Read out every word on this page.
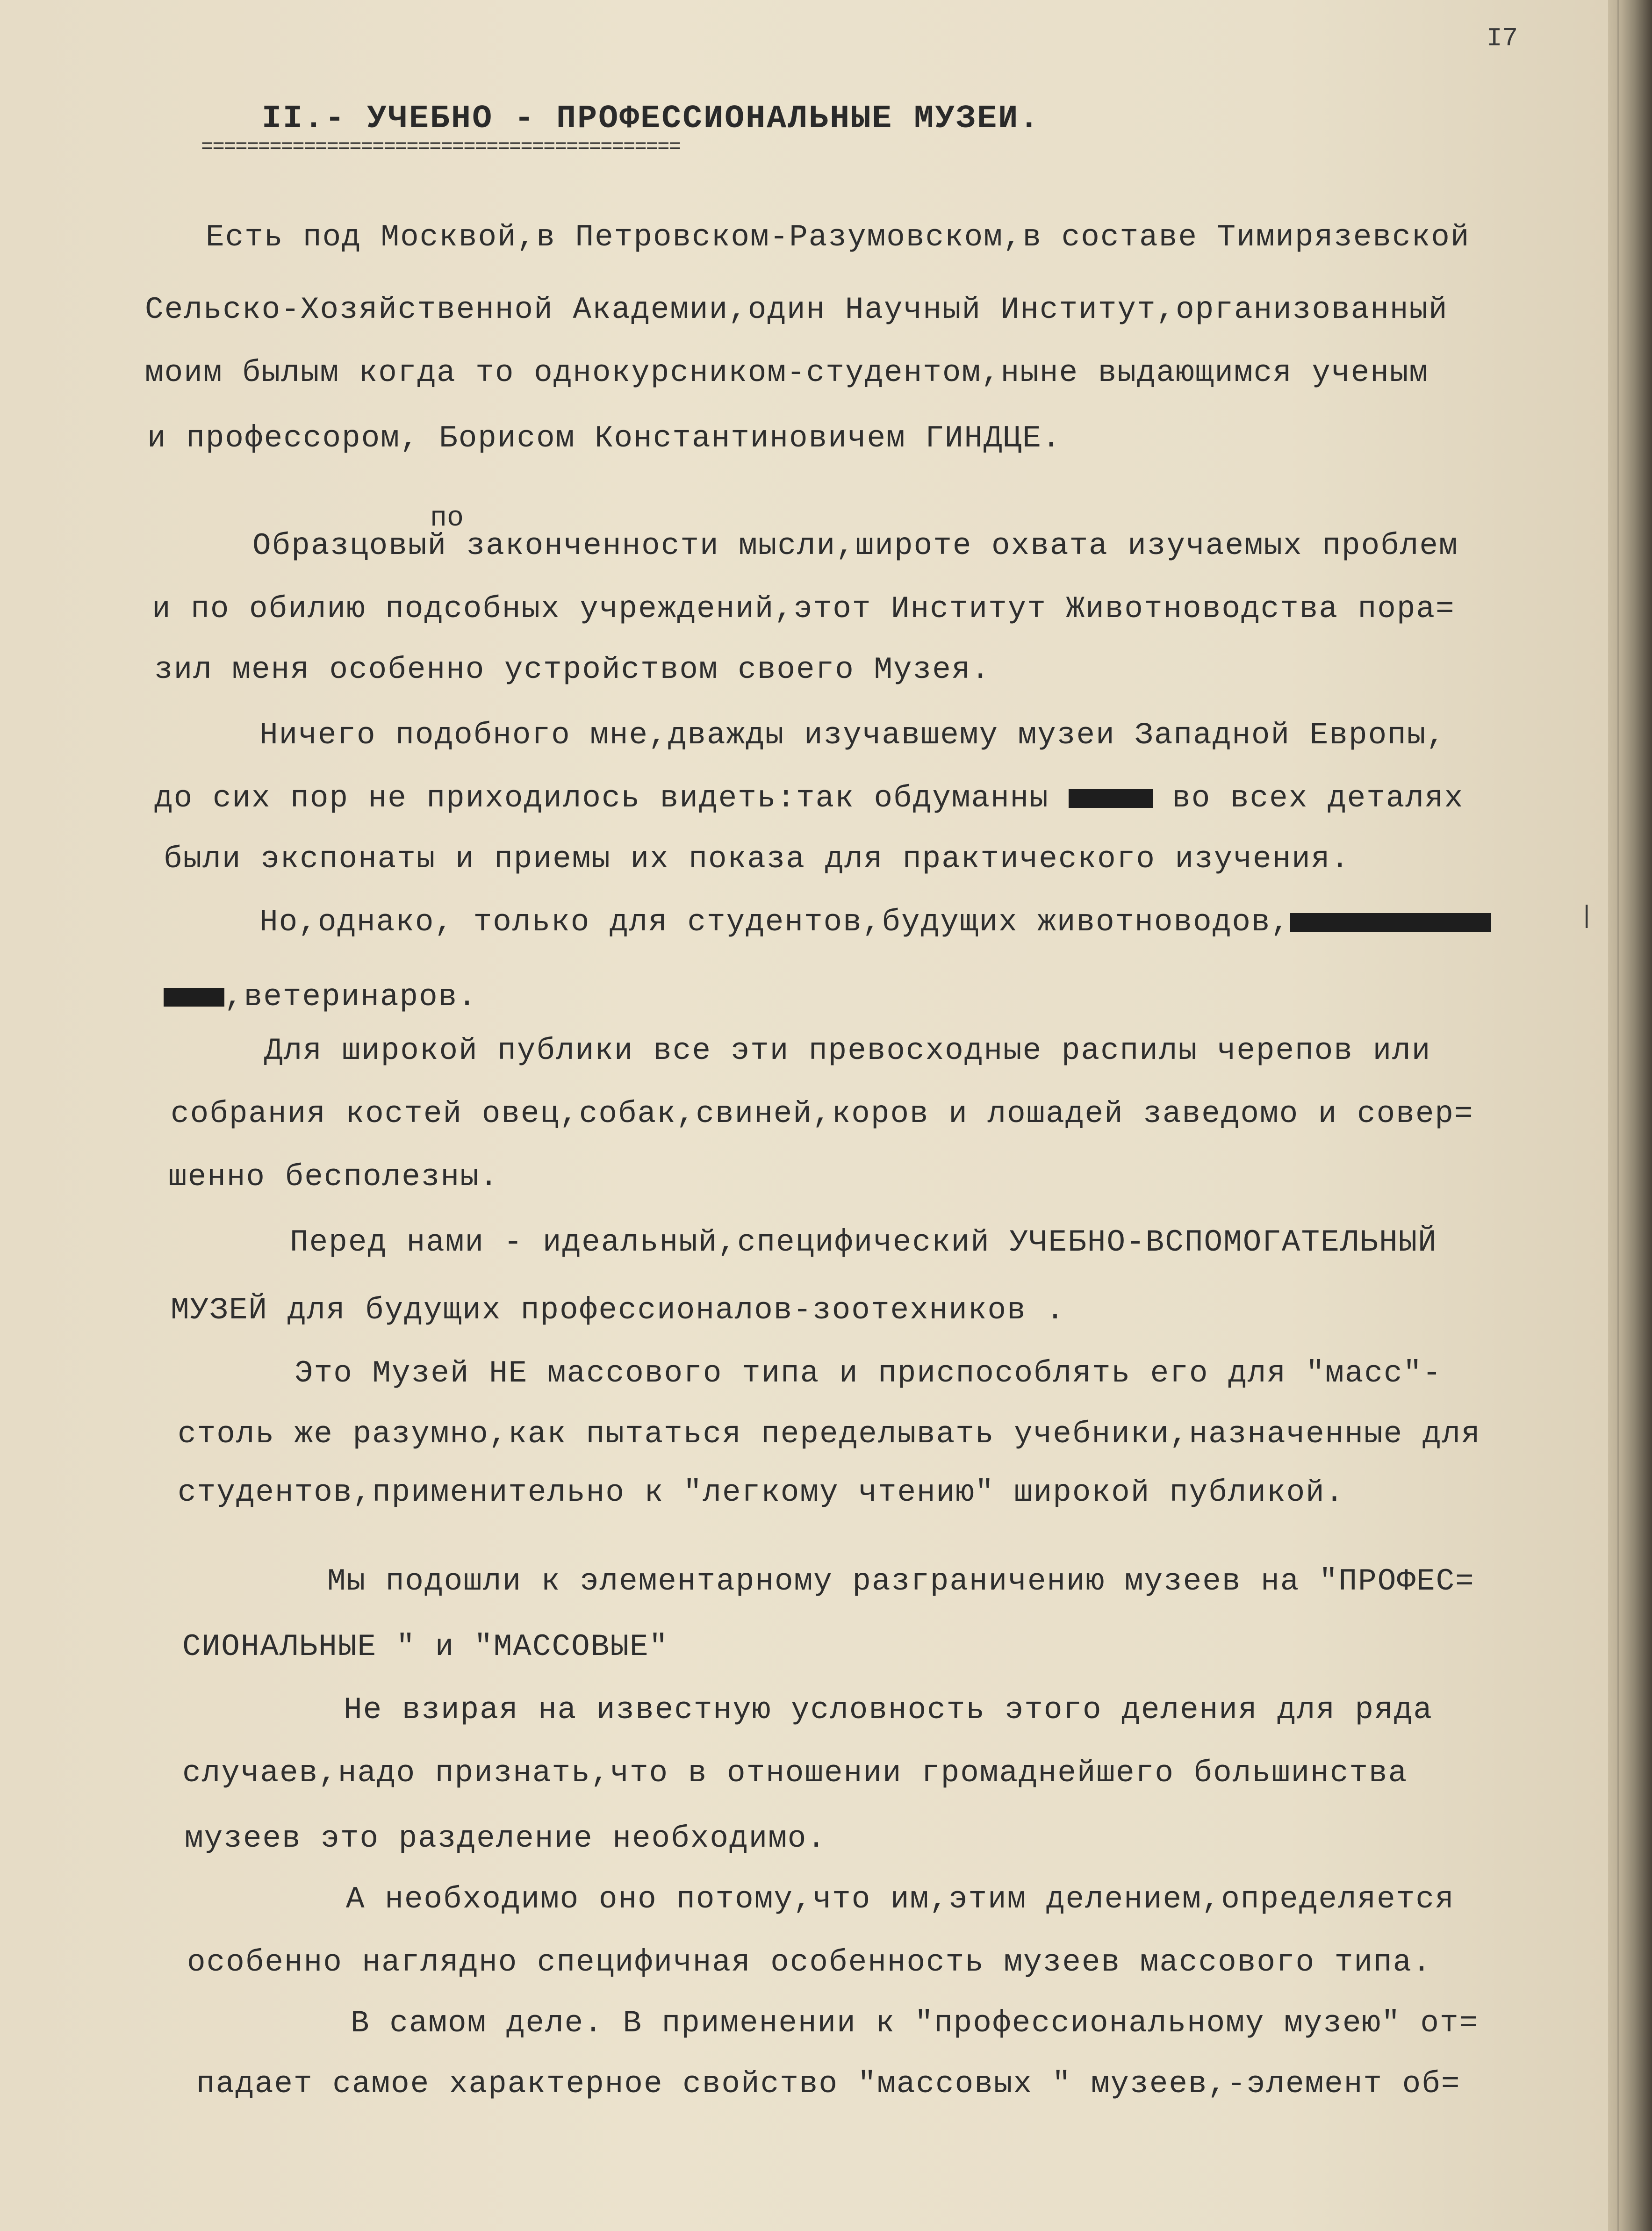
I7
II.- УЧЕБНО - ПРОФЕССИОНАЛЬНЫЕ МУЗЕИ.
==========================================
Есть под Москвой,в Петровском-Разумовском,в составе Тимирязевской
Сельско-Хозяйственной Академии,один Научный Институт,организованный
моим былым когда то однокурсником-студентом,ныне выдающимся ученым
и профессором, Борисом Константиновичем ГИНДЦЕ.
по
Образцовый законченности мысли,широте охвата изучаемых проблем
и по обилию подсобных учреждений,этот Институт Животноводства пора=
зил меня особенно устройством своего Музея.
Ничего подобного мне,дважды изучавшему музеи Западной Европы,
до сих пор не приходилось видеть:так обдуманны	во всех деталях
были экспонаты и приемы их показа для практического изучения.
Но,однако, только для студентов,будущих животноводов,	|
,ветеринаров.
Для широкой публики все эти превосходные распилы черепов или
собрания костей овец,собак,свиней,коров и лошадей заведомо и совер=
шенно бесполезны.
Перед нами - идеальный,специфический УЧЕБНО-ВСПОМОГАТЕЛЬНЫЙ
МУЗЕЙ для будущих профессионалов-зоотехников .
Это Музей НЕ массового типа и приспособлять его для "масс"-
столь же разумно,как пытаться переделывать учебники,назначенные для
студентов,применительно к "легкому чтению" широкой публикой.
Мы подошли к элементарному разграничению музеев на "ПРОФЕС=
СИОНАЛЬНЫЕ " и "МАССОВЫЕ"
Не взирая на известную условность этого деления для ряда
случаев,надо признать,что в отношении громаднейшего большинства
музеев это разделение необходимо.
А необходимо оно потому,что им,этим делением,определяется
особенно наглядно специфичная особенность музеев массового типа.
В самом деле. В применении к "профессиональному музею" от=
падает самое характерное свойство "массовых " музеев,-элемент об=
